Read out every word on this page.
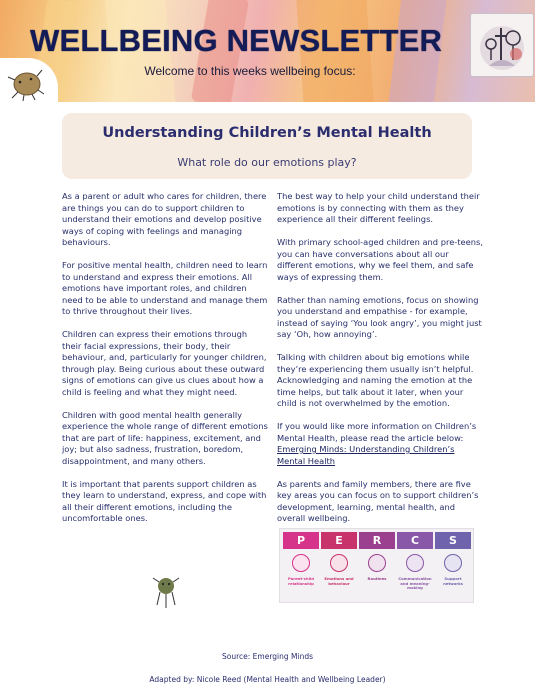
WELLBEING NEWSLETTER
Welcome to this weeks wellbeing focus:
Understanding Children’s Mental Health
What role do our emotions play?

As a parent or adult who cares for children, there are things you can do to support children to understand their emotions and develop positive ways of coping with feelings and managing behaviours.

For positive mental health, children need to learn to understand and express their emotions. All emotions have important roles, and children need to be able to understand and manage them to thrive throughout their lives.

Children can express their emotions through their facial expressions, their body, their behaviour, and, particularly for younger children, through play. Being curious about these outward signs of emotions can give us clues about how a child is feeling and what they might need.

Children with good mental health generally experience the whole range of different emotions that are part of life: happiness, excitement, and joy; but also sadness, frustration, boredom, disappointment, and many others.

It is important that parents support children as they learn to understand, express, and cope with all their different emotions, including the uncomfortable ones.

The best way to help your child understand their emotions is by connecting with them as they experience all their different feelings.

With primary school-aged children and pre-teens, you can have conversations about all our different emotions, why we feel them, and safe ways of expressing them.

Rather than naming emotions, focus on showing you understand and empathise - for example, instead of saying ‘You look angry’, you might just say ‘Oh, how annoying’.

Talking with children about big emotions while they’re experiencing them usually isn’t helpful. Acknowledging and naming the emotion at the time helps, but talk about it later, when your child is not overwhelmed by the emotion.

If you would like more information on Children’s Mental Health, please read the article below: Emerging Minds: Understanding Children’s Mental Health

As parents and family members, there are five key areas you can focus on to support children’s development, learning, mental health, and overall wellbeing.

P
Parent-child relationship
E
Emotions and behaviour
R
Routines
C
Communication and meaning-making
S
Support networks
Source: Emerging Minds
Adapted by: Nicole Reed (Mental Health and Wellbeing Leader)
